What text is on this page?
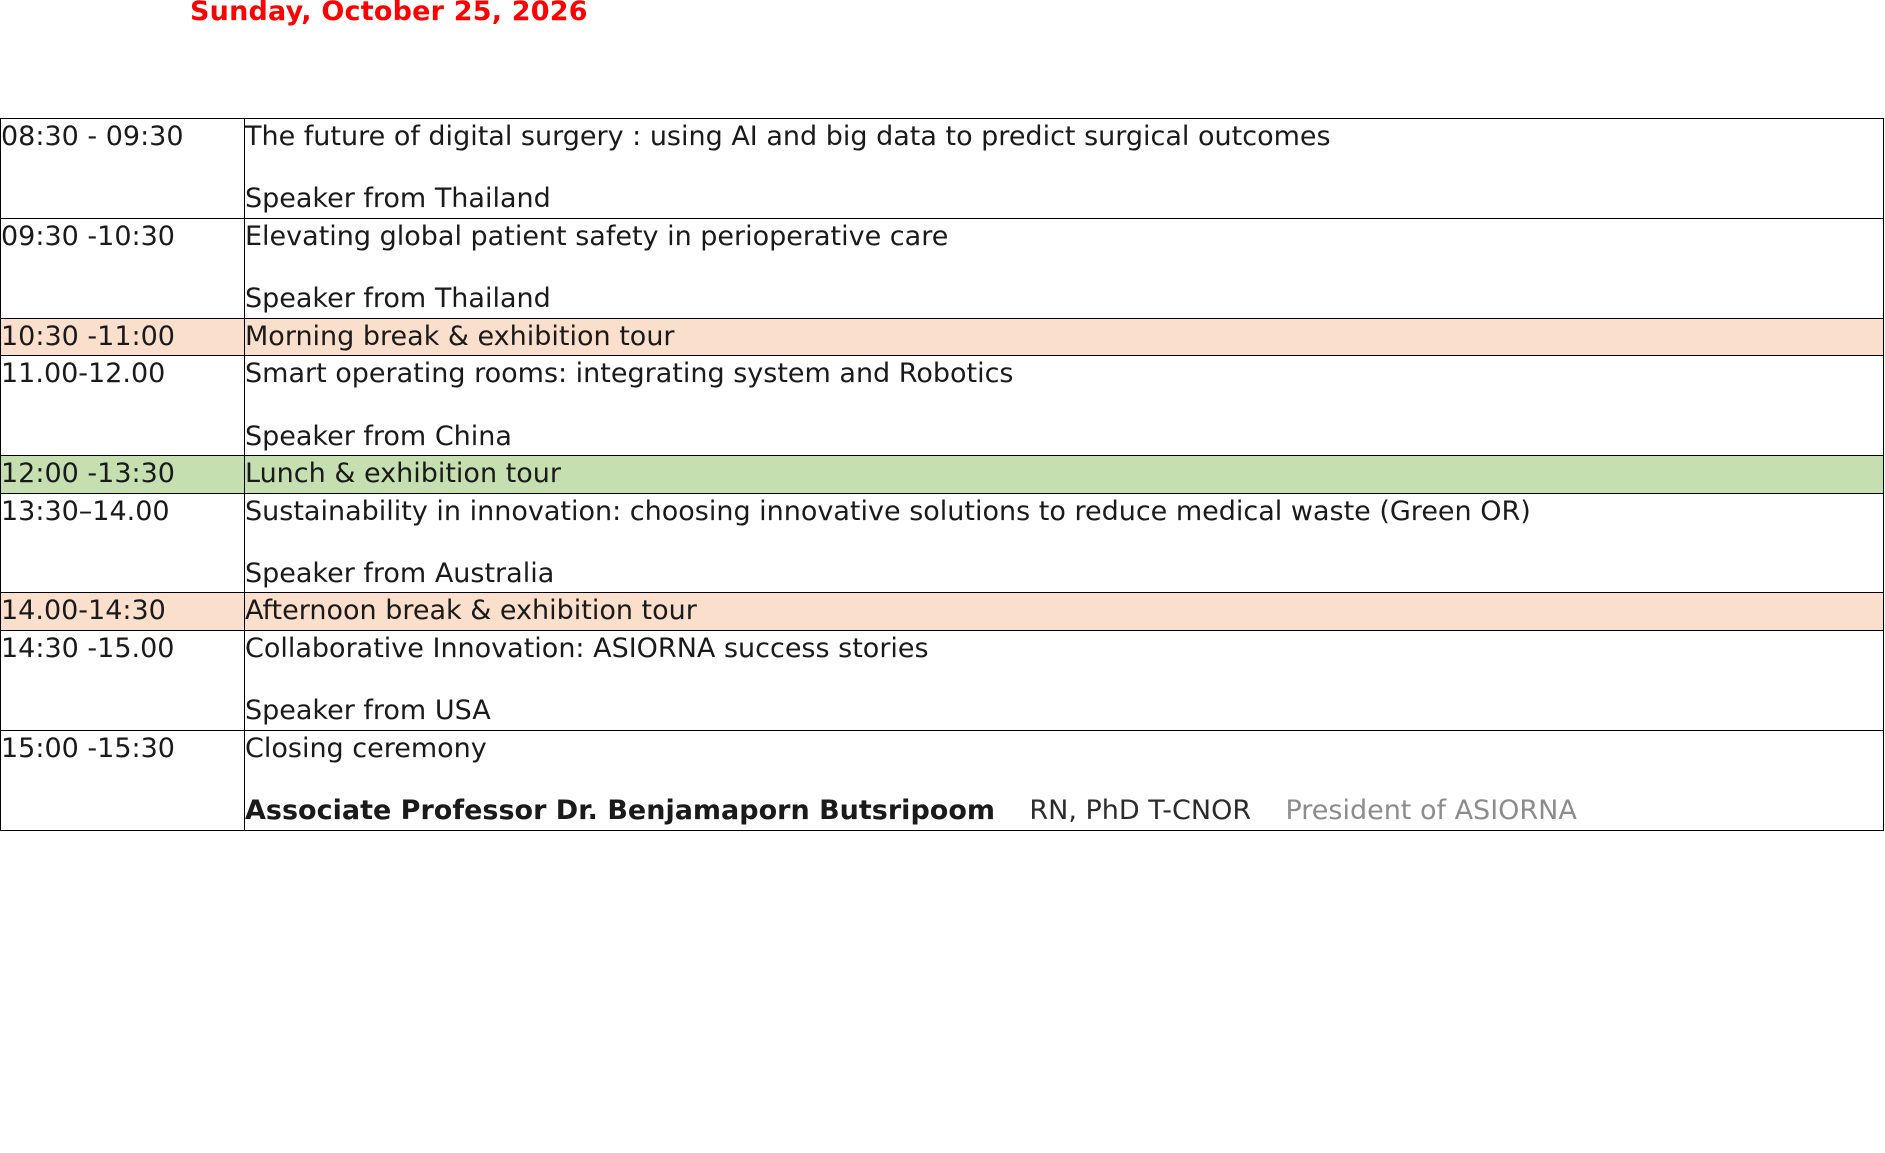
Sunday, October 25, 2026
08:30 - 09:30	The future of digital surgery : using AI and big data to predict surgical outcomes
Speaker from Thailand

09:30 -10:30	Elevating global patient safety in perioperative care
Speaker from Thailand

10:30 -11:00	Morning break & exhibition tour

11.00-12.00	Smart operating rooms: integrating system and Robotics
Speaker from China

12:00 -13:30	Lunch & exhibition tour

13:30–14.00	Sustainability in innovation: choosing innovative solutions to reduce medical waste (Green OR)
Speaker from Australia

14.00-14:30	Afternoon break & exhibition tour

14:30 -15.00	Collaborative Innovation: ASIORNA success stories
Speaker from USA

15:00 -15:30	Closing ceremony
Associate Professor Dr. Benjamaporn Butsripoom RN, PhD T-CNOR President of ASIORNA
